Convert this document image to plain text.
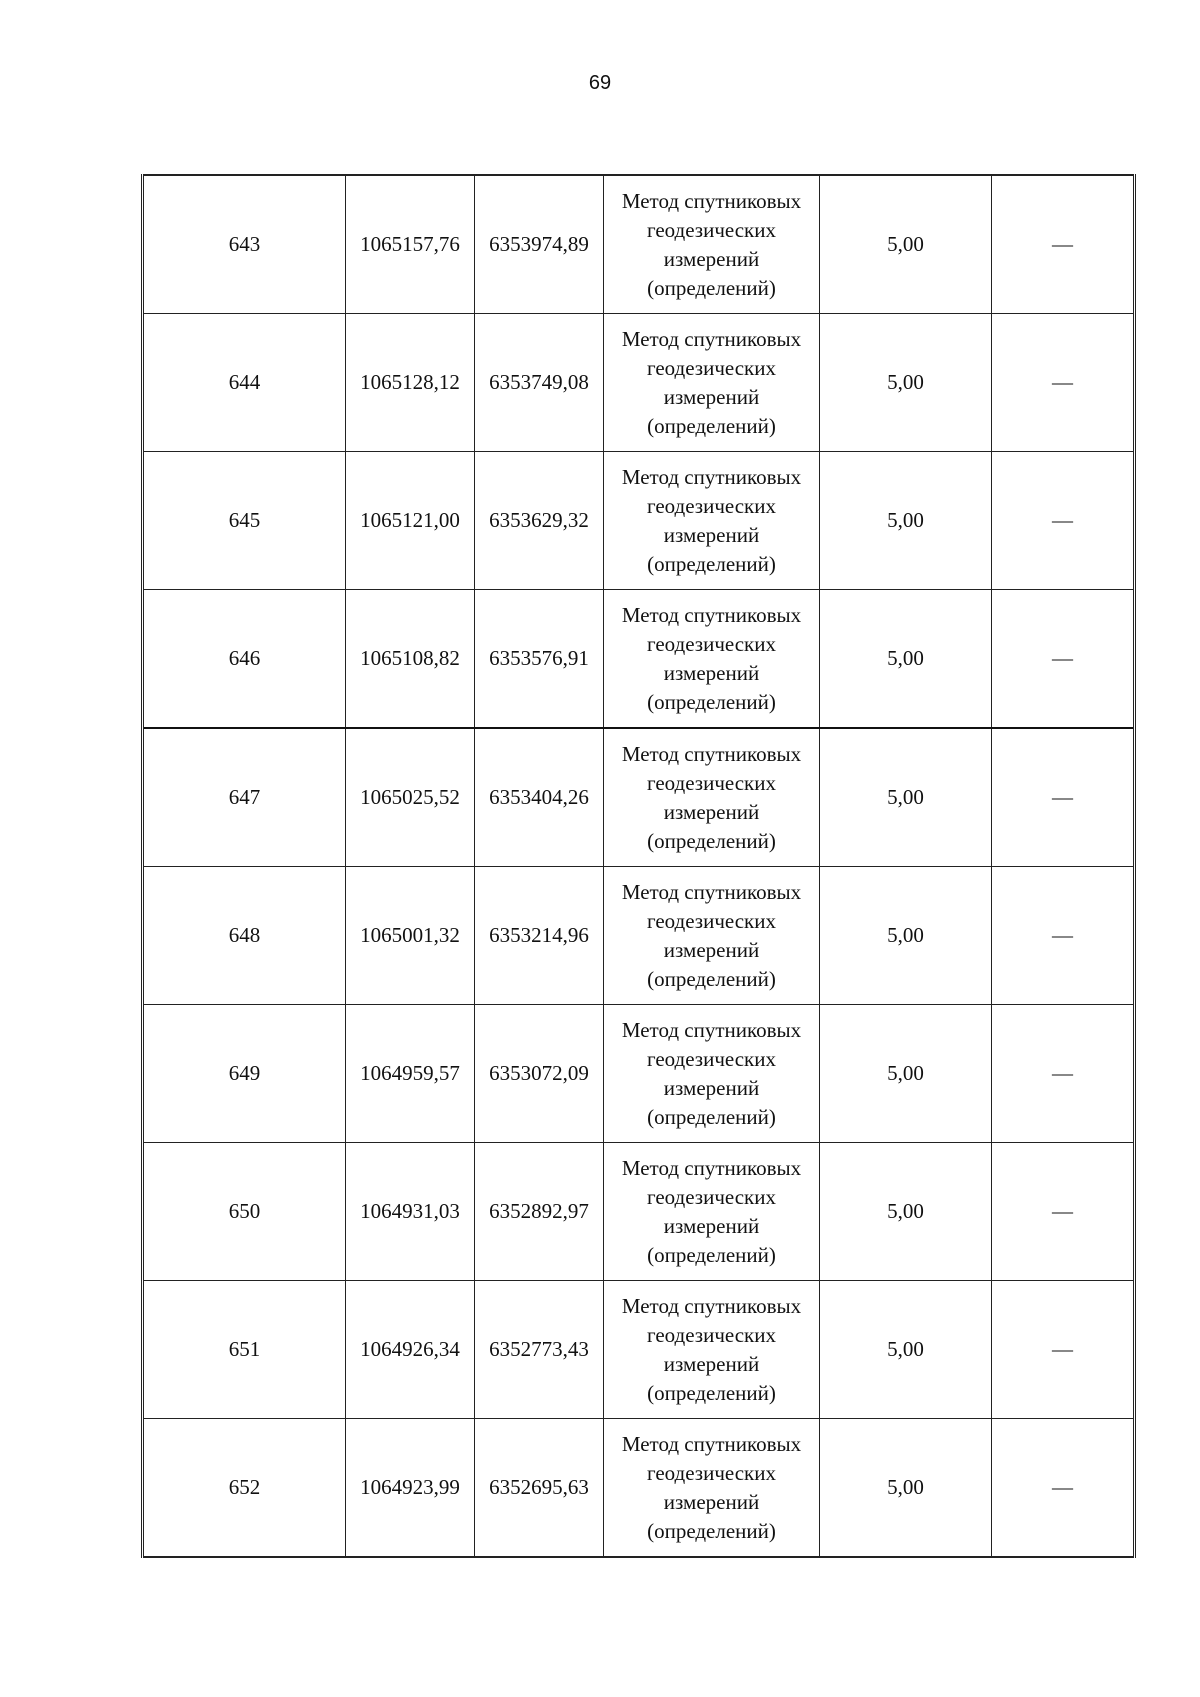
69
643	1065157,76	6353974,89	Метод спутниковых геодезических измерений (определений)	5,00	—
644	1065128,12	6353749,08	Метод спутниковых геодезических измерений (определений)	5,00	—
645	1065121,00	6353629,32	Метод спутниковых геодезических измерений (определений)	5,00	—
646	1065108,82	6353576,91	Метод спутниковых геодезических измерений (определений)	5,00	—
647	1065025,52	6353404,26	Метод спутниковых геодезических измерений (определений)	5,00	—
648	1065001,32	6353214,96	Метод спутниковых геодезических измерений (определений)	5,00	—
649	1064959,57	6353072,09	Метод спутниковых геодезических измерений (определений)	5,00	—
650	1064931,03	6352892,97	Метод спутниковых геодезических измерений (определений)	5,00	—
651	1064926,34	6352773,43	Метод спутниковых геодезических измерений (определений)	5,00	—
652	1064923,99	6352695,63	Метод спутниковых геодезических измерений (определений)	5,00	—
